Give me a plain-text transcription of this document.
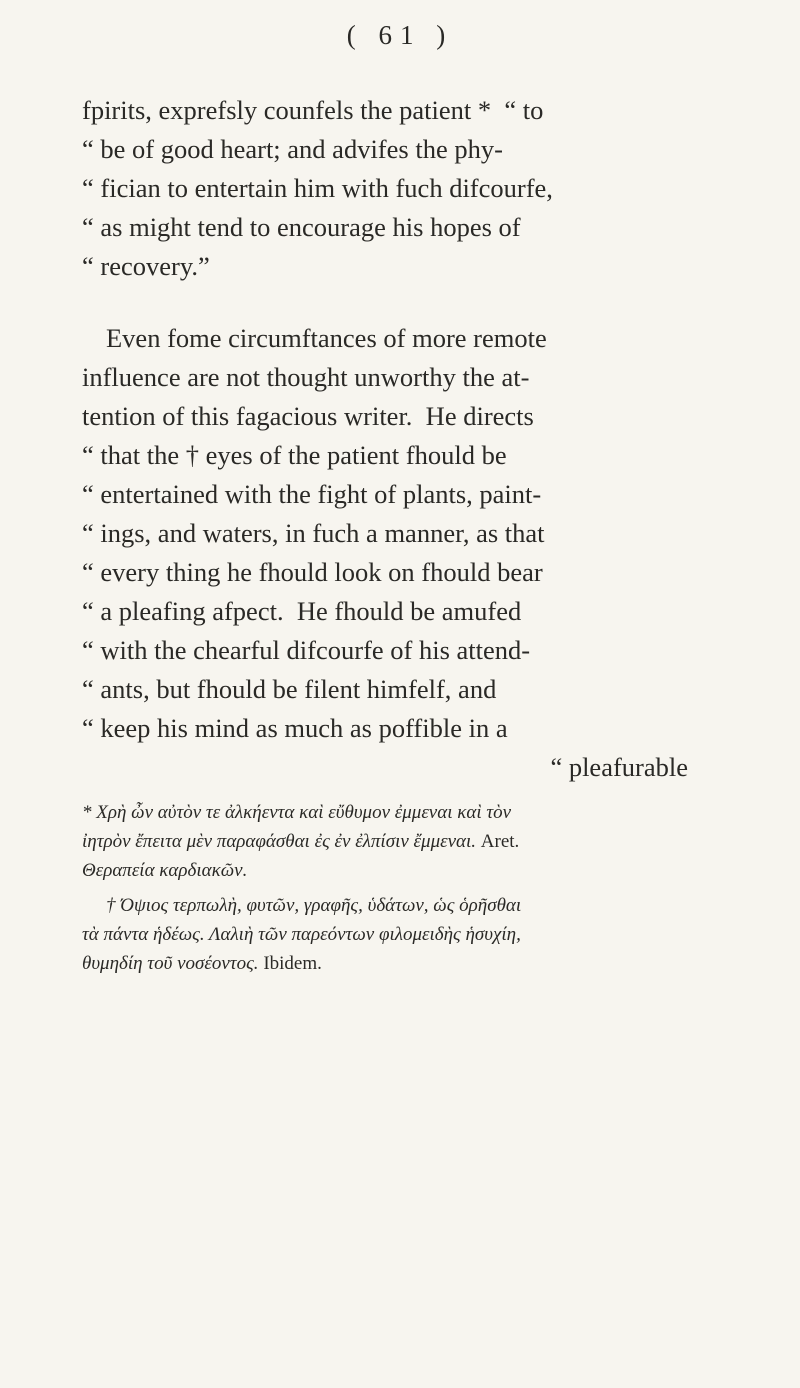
( 61 )
fpirits, exprefsly counfels the patient *  “ to
“ be of good heart; and advifes the phy-
“ fician to entertain him with fuch difcourfe,
“ as might tend to encourage his hopes of
“ recovery.”
Even fome circumftances of more remote
influence are not thought unworthy the at-
tention of this fagacious writer.  He directs
“ that the † eyes of the patient fhould be
“ entertained with the fight of plants, paint-
“ ings, and waters, in fuch a manner, as that
“ every thing he fhould look on fhould bear
“ a pleafing afpect.  He fhould be amufed
“ with the chearful difcourfe of his attend-
“ ants, but fhould be filent himfelf, and
“ keep his mind as much as poffible in a
“ pleafurable
* Χρὴ ὦν αὐτὸν τε ἀλκήεντα καὶ εὔθυμον ἐμμεναι καὶ τὸν
ἰητρὸν ἔπειτα μὲν παραφάσθαι ἐς ἐν ἐλπίσιν ἔμμεναι. Aret.
Θεραπεία καρδιακῶν.
† Όψιος τερπωλὴ, φυτῶν, γραφῆς, ὑδάτων, ὡς ὁρῆσθαι
τὰ πάντα ἡδέως. Λαλιὴ τῶν παρεόντων φιλομειδὴς ἡσυχίη,
θυμηδίη τοῦ νοσέοντος. Ibidem.
